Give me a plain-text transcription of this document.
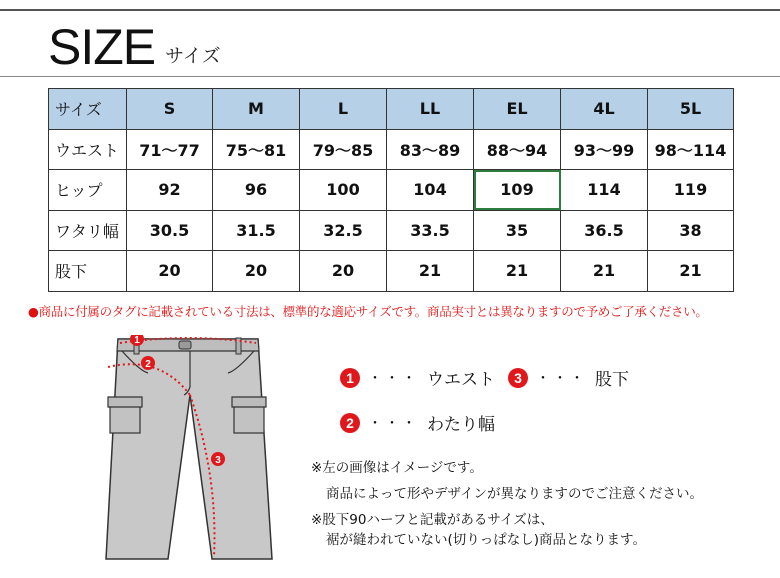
SIZE サイズ
サイズ	S	M	L	LL	EL	4L	5L
ウエスト	71〜77	75〜81	79〜85	83〜89	88〜94	93〜99	98〜114
ヒップ	92	96	100	104	109	114	119
ワタリ幅	30.5	31.5	32.5	33.5	35	36.5	38
股下	20	20	20	21	21	21	21
●商品に付属のタグに記載されている寸法は、標準的な適応サイズです。商品実寸とは異なりますので予めご了承ください。
1
2
3
1	・・・ ウエスト	3	・・・ 股下
2	・・・ わたり幅
※左の画像はイメージです。
商品によって形やデザインが異なりますのでご注意ください。
※股下90ハーフと記載があるサイズは、
裾が縫われていない(切りっぱなし)商品となります。
